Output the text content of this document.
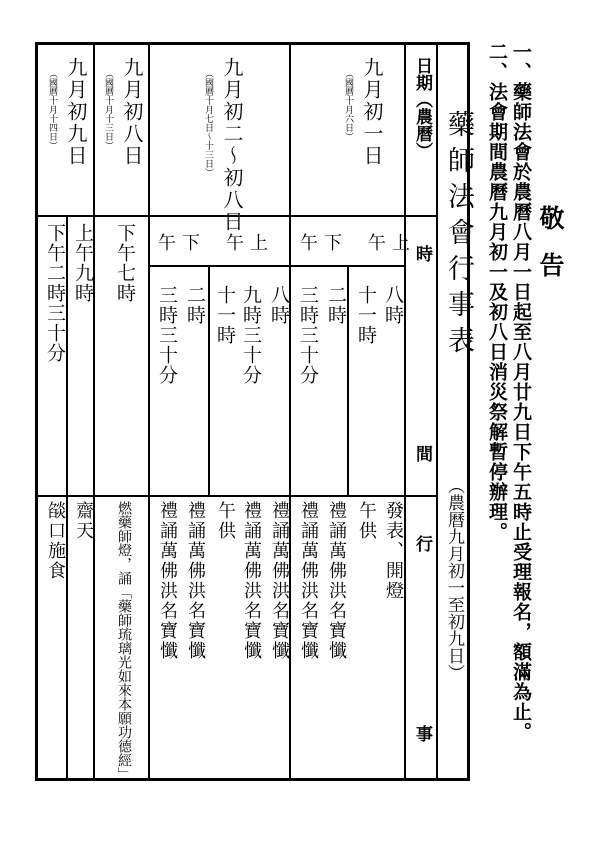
敬告
一、藥師法會於農曆八月一日起至八月廿九日下午五時止受理報名，額滿為止。
二、法會期間農曆九月初一及初八日消災祭解暫停辦理。
藥師法會行事表
（農曆九月初一至初九日）
日期（農曆）
時
間
行
事
九月初一日
（國曆十月六日）
午上
午下
八時
十一時
二時
三時三十分
發表、開燈
午供
禮誦萬佛洪名寶懺
禮誦萬佛洪名寶懺
九月初二～初八日
（國曆十月七日～十三日）
午上
午下
八時
九時三十分
十一時
二時
三時三十分
禮誦萬佛洪名寶懺
禮誦萬佛洪名寶懺
午供
禮誦萬佛洪名寶懺
禮誦萬佛洪名寶懺
九月初八日
（國曆十月十三日）
下午七時
燃藥師燈，誦「藥師琉璃光如來本願功德經」
九月初九日
（國曆十月十四日）
上午九時
下午二時三十分
齋天
燄口施食
